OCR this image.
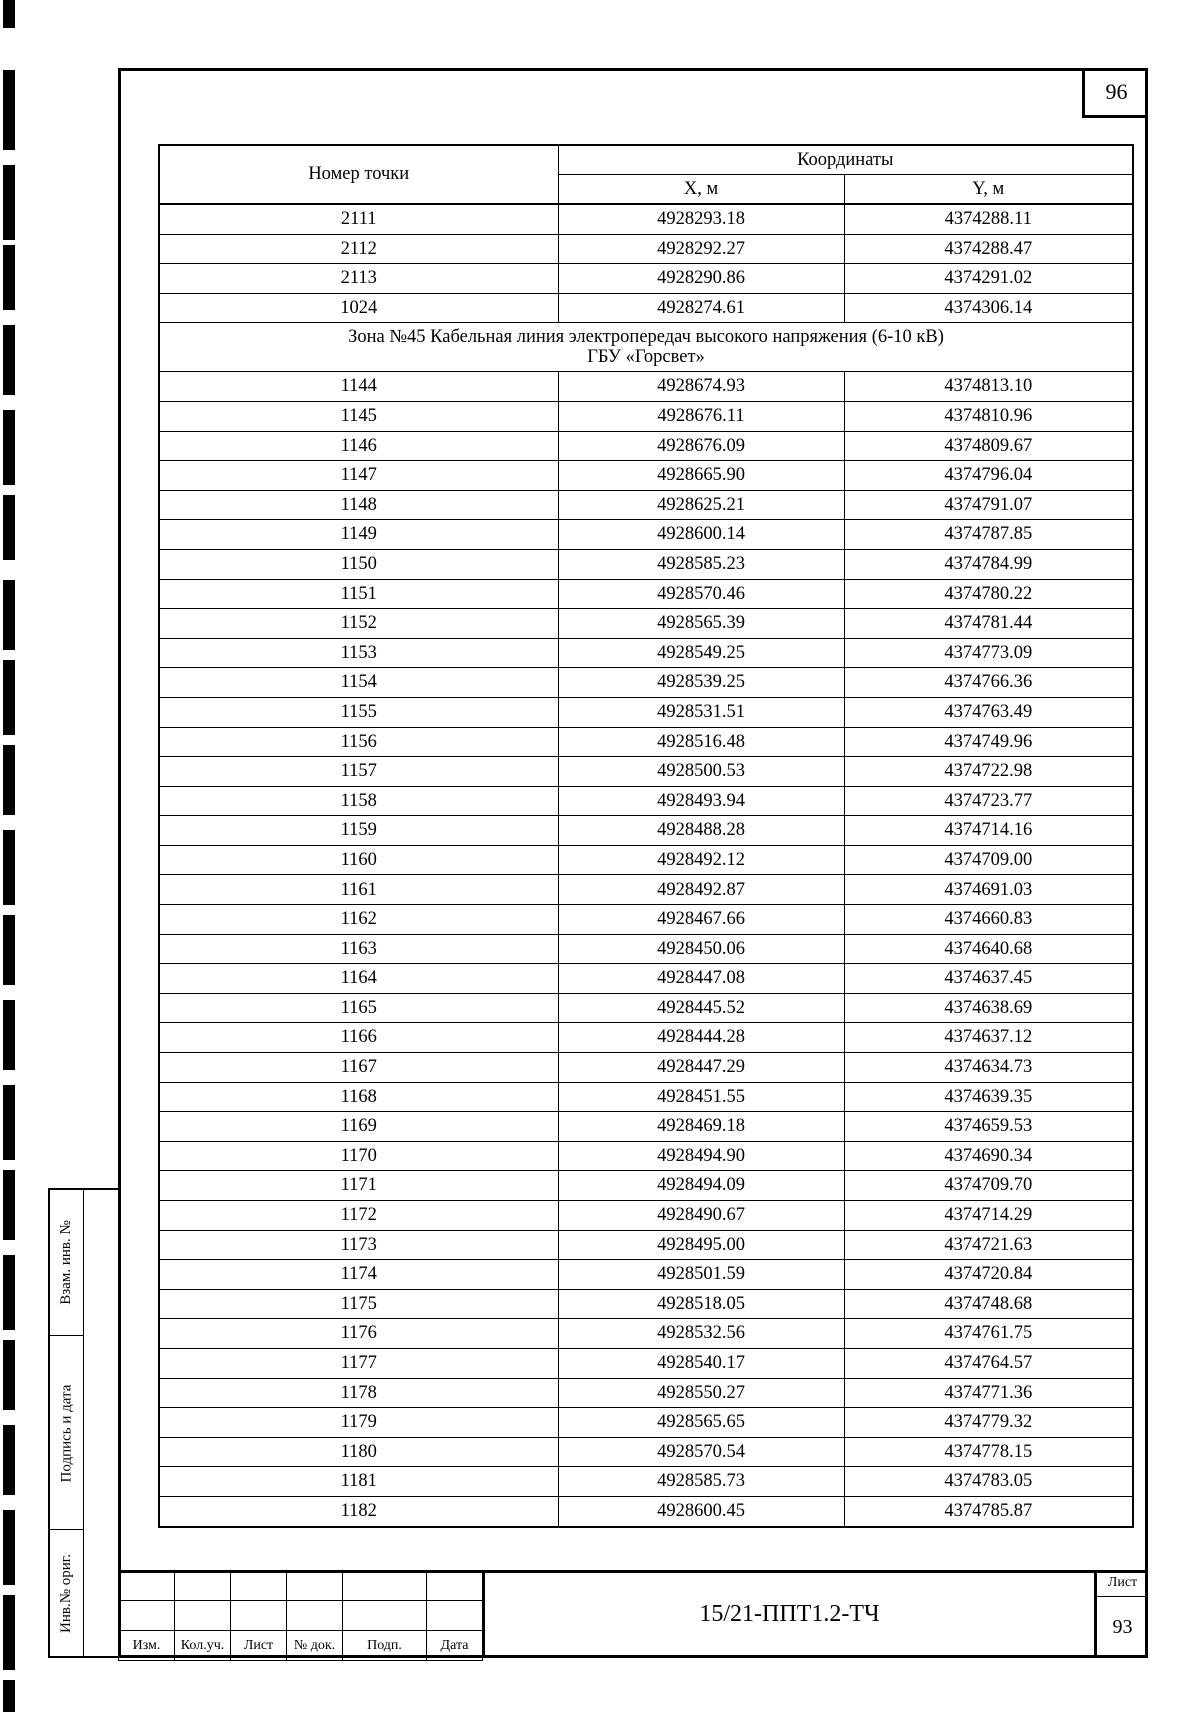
96
Номер точки	Координаты	
	X, м	Y, м
2111	4928293.18	4374288.11
2112	4928292.27	4374288.47
2113	4928290.86	4374291.02
1024	4928274.61	4374306.14

Зона №45 Кабельная линия электропередач высокого напряжения (6-10 кВ)
ГБУ «Горсвет»		

1144	4928674.93	4374813.10
1145	4928676.11	4374810.96
1146	4928676.09	4374809.67
1147	4928665.90	4374796.04
1148	4928625.21	4374791.07
1149	4928600.14	4374787.85
1150	4928585.23	4374784.99
1151	4928570.46	4374780.22
1152	4928565.39	4374781.44
1153	4928549.25	4374773.09
1154	4928539.25	4374766.36
1155	4928531.51	4374763.49
1156	4928516.48	4374749.96
1157	4928500.53	4374722.98
1158	4928493.94	4374723.77
1159	4928488.28	4374714.16
1160	4928492.12	4374709.00
1161	4928492.87	4374691.03
1162	4928467.66	4374660.83
1163	4928450.06	4374640.68
1164	4928447.08	4374637.45
1165	4928445.52	4374638.69
1166	4928444.28	4374637.12
1167	4928447.29	4374634.73
1168	4928451.55	4374639.35
1169	4928469.18	4374659.53
1170	4928494.90	4374690.34
1171	4928494.09	4374709.70
1172	4928490.67	4374714.29
1173	4928495.00	4374721.63
1174	4928501.59	4374720.84
1175	4928518.05	4374748.68
1176	4928532.56	4374761.75
1177	4928540.17	4374764.57
1178	4928550.27	4374771.36
1179	4928565.65	4374779.32
1180	4928570.54	4374778.15
1181	4928585.73	4374783.05
1182	4928600.45	4374785.87
Взам. инв. №
Подпись и дата
Инв.№ ориг.

Изм.	Кол.уч.	Лист	№ док.	Подп.	Дата
15/21-ППТ1.2-ТЧ
Лист
93
